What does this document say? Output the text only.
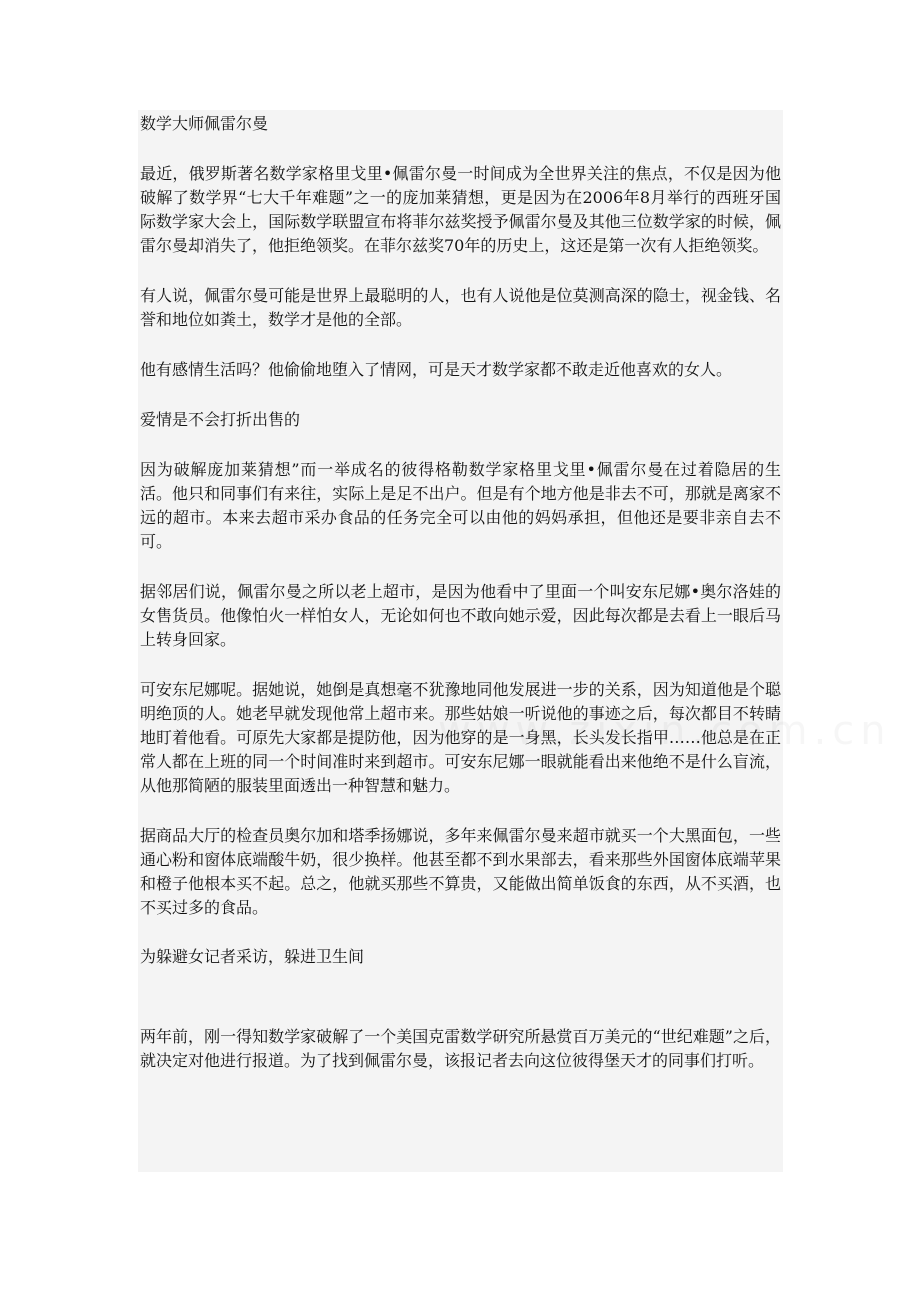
数学大师佩雷尔曼

最近，俄罗斯著名数学家格里戈里•佩雷尔曼一时间成为全世界关注的焦点，不仅是因为他破解了数学界“七大千年难题”之一的庞加莱猜想，更是因为在2006年8月举行的西班牙国际数学家大会上，国际数学联盟宣布将菲尔兹奖授予佩雷尔曼及其他三位数学家的时候，佩雷尔曼却消失了，他拒绝领奖。在菲尔兹奖70年的历史上，这还是第一次有人拒绝领奖。

有人说，佩雷尔曼可能是世界上最聪明的人，也有人说他是位莫测高深的隐士，视金钱、名誉和地位如粪土，数学才是他的全部。

他有感情生活吗？他偷偷地堕入了情网，可是天才数学家都不敢走近他喜欢的女人。

爱情是不会打折出售的

因为破解庞加莱猜想”而一举成名的彼得格勒数学家格里戈里•佩雷尔曼在过着隐居的生活。他只和同事们有来往，实际上是足不出户。但是有个地方他是非去不可，那就是离家不远的超市。本来去超市采办食品的任务完全可以由他的妈妈承担，但他还是要非亲自去不可。

据邻居们说，佩雷尔曼之所以老上超市，是因为他看中了里面一个叫安东尼娜•奥尔洛娃的女售货员。他像怕火一样怕女人，无论如何也不敢向她示爱，因此每次都是去看上一眼后马上转身回家。

可安东尼娜呢。据她说，她倒是真想毫不犹豫地同他发展进一步的关系，因为知道他是个聪明绝顶的人。她老早就发现他常上超市来。那些姑娘一听说他的事迹之后，每次都目不转睛地盯着他看。可原先大家都是提防他，因为他穿的是一身黑，长头发长指甲……他总是在正常人都在上班的同一个时间准时来到超市。可安东尼娜一眼就能看出来他绝不是什么盲流，从他那简陋的服装里面透出一种智慧和魅力。

据商品大厅的检查员奥尔加和塔季扬娜说，多年来佩雷尔曼来超市就买一个大黑面包，一些通心粉和窗体底端酸牛奶，很少换样。他甚至都不到水果部去，看来那些外国窗体底端苹果和橙子他根本买不起。总之，他就买那些不算贵，又能做出简单饭食的东西，从不买酒，也不买过多的食品。

为躲避女记者采访，躲进卫生间

两年前，刚一得知数学家破解了一个美国克雷数学研究所悬赏百万美元的“世纪难题”之后，就决定对他进行报道。为了找到佩雷尔曼，该报记者去向这位彼得堡天才的同事们打听。
